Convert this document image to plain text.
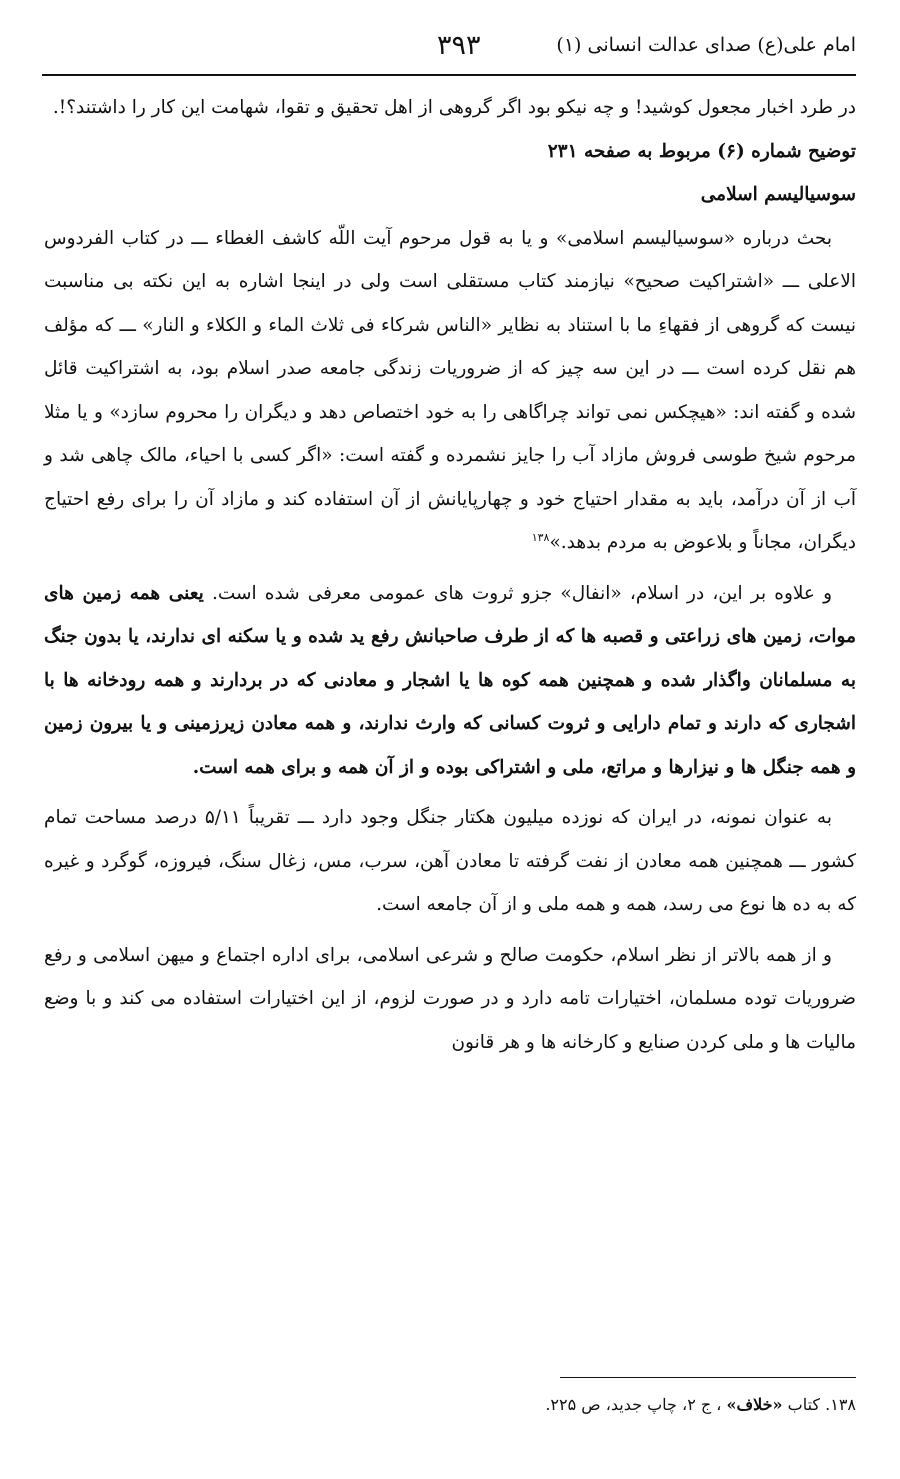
امام علی(ع) صدای عدالت انسانی (۱)
۳۹۳

در طرد اخبار مجعول کوشید! و چه نیکو بود اگر گروهی از اهل تحقیق و تقوا، شهامت این کار را داشتند؟!.

توضیح شماره (۶) مربوط به صفحه ۲۳۱

سوسیالیسم اسلامی

بحث درباره «سوسیالیسم اسلامی» و یا به قول مرحوم آیت اللّه کاشف الغطاء ـــ در کتاب الفردوس الاعلی ـــ «اشتراکیت صحیح» نیازمند کتاب مستقلی است ولی در اینجا اشاره به این نکته بی مناسبت نیست که گروهی از فقهاءِ ما با استناد به نظایر «الناس شرکاء فی ثلاث الماء و الکلاء و النار» ـــ که مؤلف هم نقل کرده است ـــ در این سه چیز که از ضروریات زندگی جامعه صدر اسلام بود، به اشتراکیت قائل شده و گفته اند: «هیچکس نمی تواند چراگاهی را به خود اختصاص دهد و دیگران را محروم سازد» و یا مثلا مرحوم شیخ طوسی فروش مازاد آب را جایز نشمرده و گفته است: «اگر کسی با احیاء، مالک چاهی شد و آب از آن درآمد، باید به مقدار احتیاج خود و چهارپایانش از آن استفاده کند و مازاد آن را برای رفع احتیاج دیگران، مجاناً و بلاعوض به مردم بدهد.»$^{۱۳۸}$

و علاوه بر این، در اسلام، «انفال» جزو ثروت های عمومی معرفی شده است. یعنی همه زمین های موات، زمین های زراعتی و قصبه ها که از طرف صاحبانش رفع ید شده و یا سکنه ای ندارند، یا بدون جنگ به مسلمانان واگذار شده و همچنین همه کوه ها یا اشجار و معادنی که در بردارند و همه رودخانه ها با اشجاری که دارند و تمام دارایی و ثروت کسانی که وارث ندارند، و همه معادن زیرزمینی و یا بیرون زمین و همه جنگل ها و نیزارها و مراتع، ملی و اشتراکی بوده و از آن همه و برای همه است.

به عنوان نمونه، در ایران که نوزده میلیون هکتار جنگل وجود دارد ـــ تقریباً ۵/۱۱ درصد مساحت تمام کشور ـــ همچنین همه معادن از نفت گرفته تا معادن آهن، سرب، مس، زغال سنگ، فیروزه، گوگرد و غیره که به ده ها نوع می رسد، همه و همه ملی و از آن جامعه است.

و از همه بالاتر از نظر اسلام، حکومت صالح و شرعی اسلامی، برای اداره اجتماع و میهن اسلامی و رفع ضروریات توده مسلمان، اختیارات تامه دارد و در صورت لزوم، از این اختیارات استفاده می کند و با وضع مالیات ها و ملی کردن صنایع و کارخانه ها و هر قانون

۱۳۸. کتاب «خلاف» ، ج ۲، چاپ جدید، ص ۲۲۵.
